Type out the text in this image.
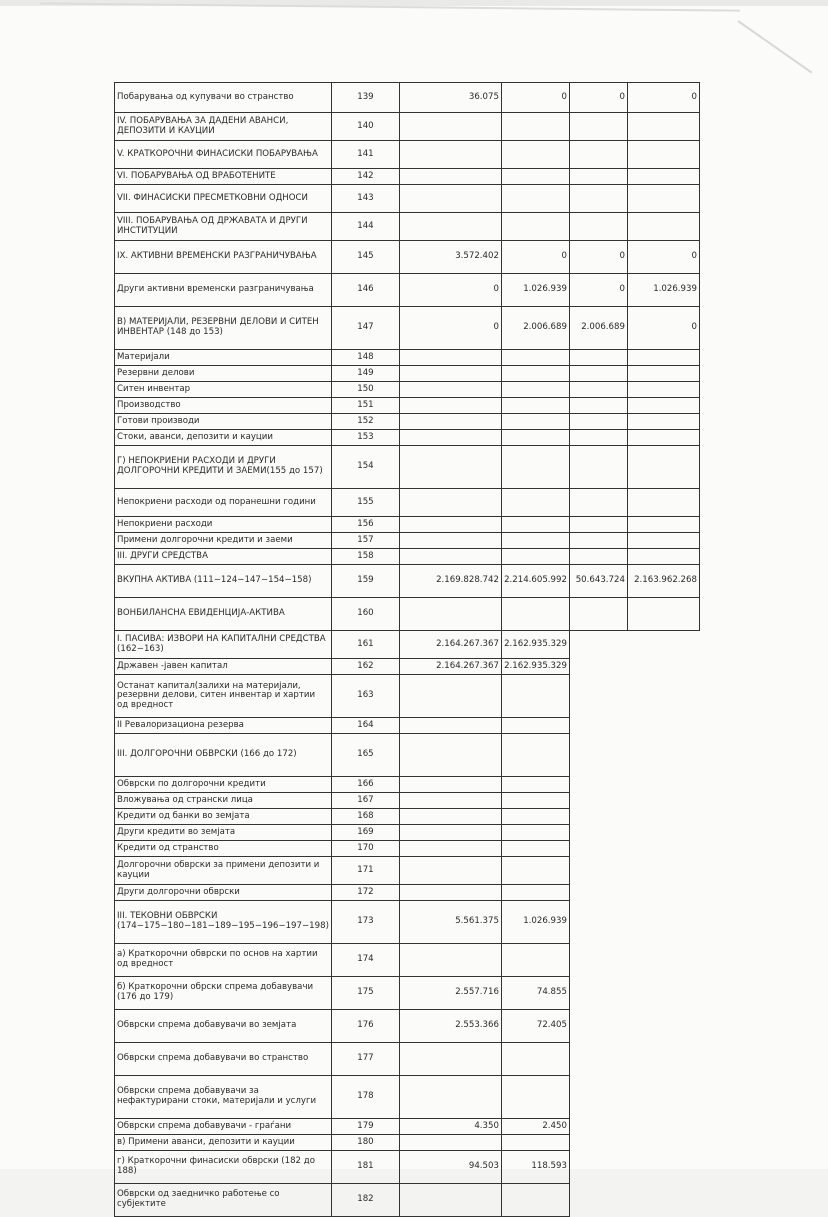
Побарувања од купувачи во странство	139	36.075	0	0	0
IV. ПОБАРУВАЊА ЗА ДАДЕНИ АВАНСИ, ДЕПОЗИТИ И КАУЦИИ	140				
V. КРАТКОРОЧНИ ФИНАСИСКИ ПОБАРУВАЊА	141				
VI. ПОБАРУВАЊА ОД ВРАБОТЕНИТЕ	142				
VII. ФИНАСИСКИ ПРЕСМЕТКОВНИ ОДНОСИ	143				
VIII. ПОБАРУВАЊА ОД ДРЖАВАТА И ДРУГИ ИНСТИТУЦИИ	144				
IX. АКТИВНИ ВРЕМЕНСКИ РАЗГРАНИЧУВАЊА	145	3.572.402	0	0	0
Други активни временски разграничувања	146	0	1.026.939	0	1.026.939
В) МАТЕРИЈАЛИ, РЕЗЕРВНИ ДЕЛОВИ И СИТЕН ИНВЕНТАР (148 до 153)	147	0	2.006.689	2.006.689	0
Материјали	148				
Резервни делови	149				
Ситен инвентар	150				
Производство	151				
Готови производи	152				
Стоки, аванси, депозити и кауции	153				
Г) НЕПОКРИЕНИ РАСХОДИ И ДРУГИ ДОЛГОРОЧНИ КРЕДИТИ И ЗАЕМИ(155 до 157)	154				
Непокриени расходи од поранешни години	155				
Непокриени расходи	156				
Примени долгорочни кредити и заеми	157				
III. ДРУГИ СРЕДСТВА	158				
ВКУПНА АКТИВА (111−124−147−154−158)	159	2.169.828.742	2.214.605.992	50.643.724	2.163.962.268
ВОНБИЛАНСНА ЕВИДЕНЦИЈА-АКТИВА	160				
I. ПАСИВА: ИЗВОРИ НА КАПИТАЛНИ СРЕДСТВА (162−163)	161	2.164.267.367	2.162.935.329		
Државен -јавен капитал	162	2.164.267.367	2.162.935.329		
Останат капитал(залихи на материјали, резервни делови, ситен инвентар и хартии од вредност	163				
II Ревалоризациона резерва	164				
III. ДОЛГОРОЧНИ ОБВРСКИ (166 до 172)	165				
Обврски по долгорочни кредити	166				
Вложувања од странски лица	167				
Кредити од банки во земјата	168				
Други кредити во земјата	169				
Кредити од странство	170				
Долгорочни обврски за примени депозити и кауции	171				
Други долгорочни обврски	172				
III. ТЕКОВНИ ОБВРСКИ (174−175−180−181−189−195−196−197−198)	173	5.561.375	1.026.939		
а) Краткорочни обврски по основ на хартии од вредност	174				
б) Краткорочни обрски спрема добавувачи (176 до 179)	175	2.557.716	74.855		
Обврски спрема добавувачи во земјата	176	2.553.366	72.405		
Обврски спрема добавувачи во странство	177				
Обврски спрема добавувачи за нефактурирани стоки, материјали и услуги	178				
Обврски спрема добавувачи - граѓани	179	4.350	2.450		
в) Примени аванси, депозити и кауции	180				
г) Краткорочни финасиски обврски (182 до 188)	181	94.503	118.593		
Обврски од заедничко работење со субјектите	182				
